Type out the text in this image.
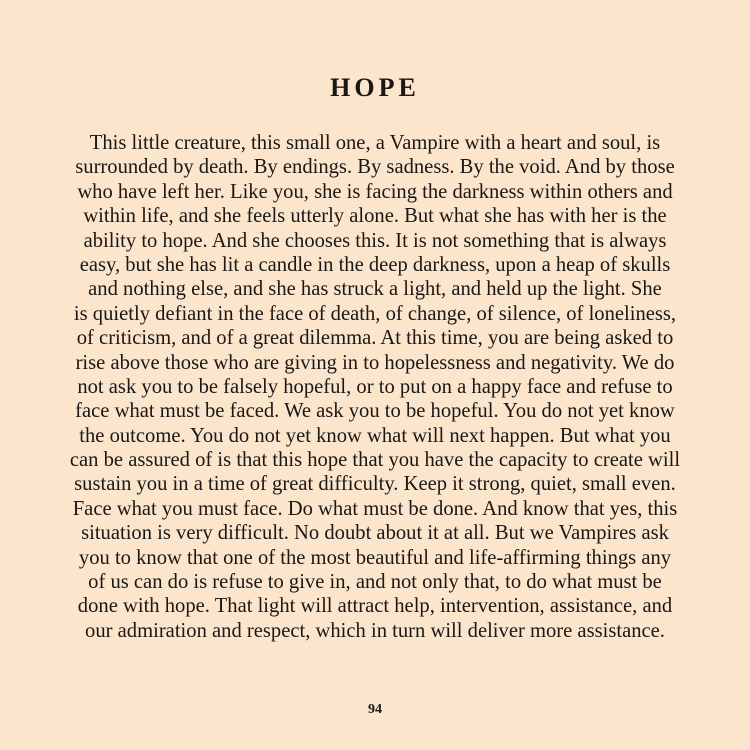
HOPE
This little creature, this small one, a Vampire with a heart and soul, is
surrounded by death. By endings. By sadness. By the void. And by those
who have left her. Like you, she is facing the darkness within others and
within life, and she feels utterly alone. But what she has with her is the
ability to hope. And she chooses this. It is not something that is always
easy, but she has lit a candle in the deep darkness, upon a heap of skulls
and nothing else, and she has struck a light, and held up the light. She
is quietly defiant in the face of death, of change, of silence, of loneliness,
of criticism, and of a great dilemma. At this time, you are being asked to
rise above those who are giving in to hopelessness and negativity. We do
not ask you to be falsely hopeful, or to put on a happy face and refuse to
face what must be faced. We ask you to be hopeful. You do not yet know
the outcome. You do not yet know what will next happen. But what you
can be assured of is that this hope that you have the capacity to create will
sustain you in a time of great difficulty. Keep it strong, quiet, small even.
Face what you must face. Do what must be done. And know that yes, this
situation is very difficult. No doubt about it at all. But we Vampires ask
you to know that one of the most beautiful and life-affirming things any
of us can do is refuse to give in, and not only that, to do what must be
done with hope. That light will attract help, intervention, assistance, and
our admiration and respect, which in turn will deliver more assistance.
94
